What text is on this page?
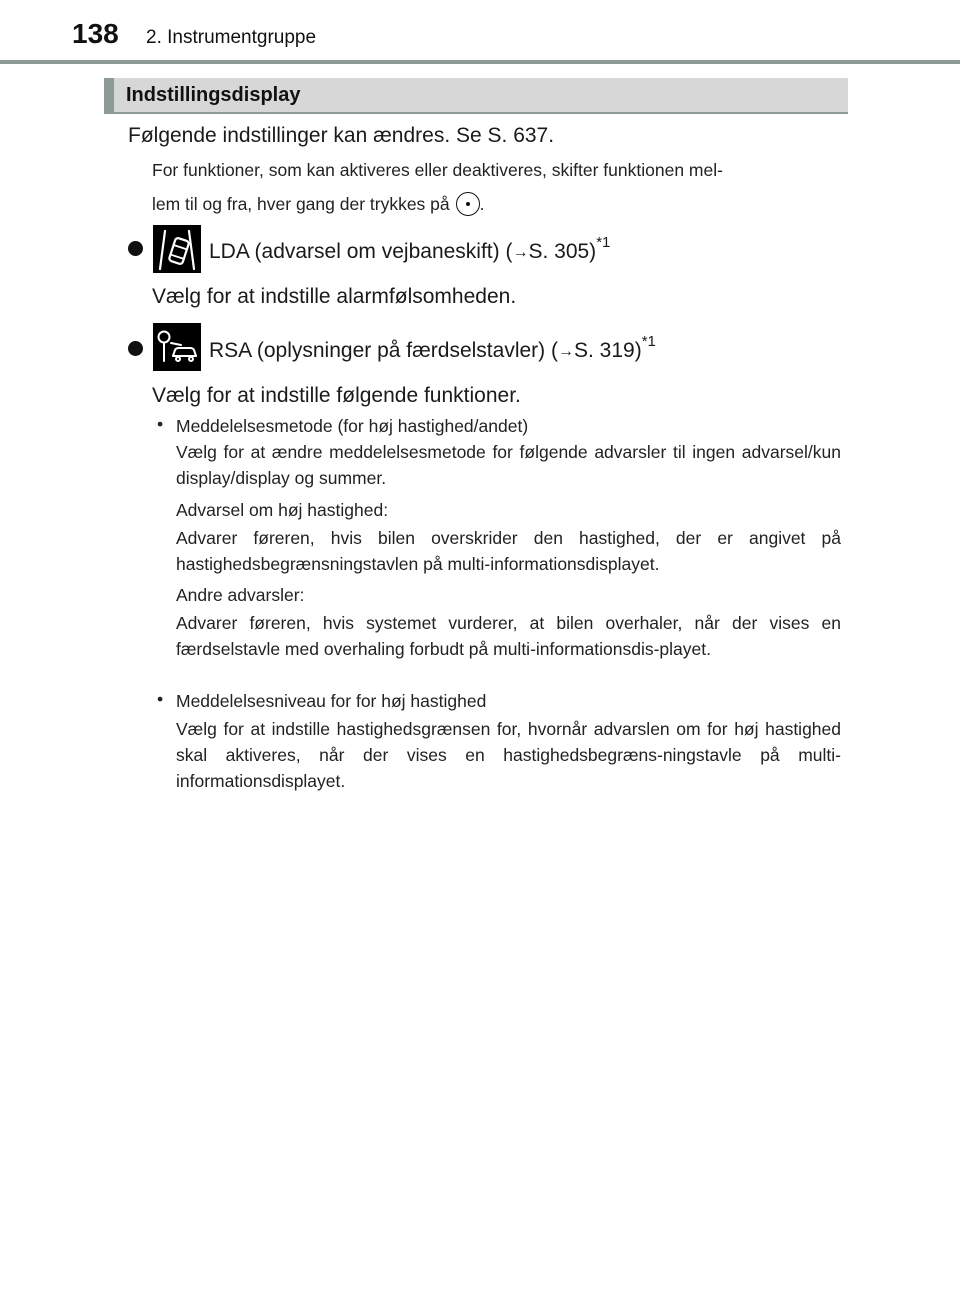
138 2. Instrumentgruppe
Indstillingsdisplay
Følgende indstillinger kan ændres. Se S. 637.
For funktioner, som kan aktiveres eller deaktiveres, skifter funktionen mel-
lem til og fra, hver gang der trykkes på .
LDA (advarsel om vejbaneskift) (→S. 305)$^{*1}$
Vælg for at indstille alarmfølsomheden.
RSA (oplysninger på færdselstavler) (→S. 319)$^{*1}$
Vælg for at indstille følgende funktioner.
• Meddelelsesmetode (for høj hastighed/andet)
Vælg for at ændre meddelelsesmetode for følgende advarsler til ingen advarsel/kun display/display og summer.
Advarsel om høj hastighed:
Advarer føreren, hvis bilen overskrider den hastighed, der er angivet på hastighedsbegrænsningstavlen på multi-informationsdisplayet.
Andre advarsler:
Advarer føreren, hvis systemet vurderer, at bilen overhaler, når der vises en færdselstavle med overhaling forbudt på multi-informationsdis-playet.
• Meddelelsesniveau for for høj hastighed
Vælg for at indstille hastighedsgrænsen for, hvornår advarslen om for høj hastighed skal aktiveres, når der vises en hastighedsbegræns-ningstavle på multi-informationsdisplayet.
